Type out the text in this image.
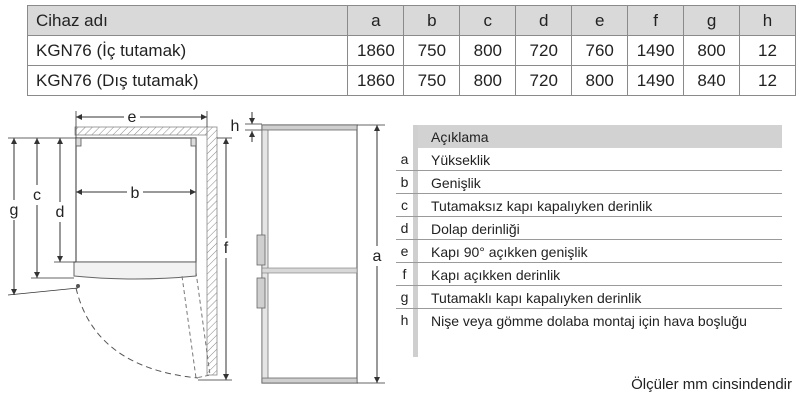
Cihaz adı	a	b	c	d	e	f	g	h
KGN76 (İç tutamak)	1860	750	800	720	760	1490	800	12
KGN76 (Dış tutamak)	1860	750	800	720	800	1490	840	12
e
b
g
c
d
f
h
a
Açıklama
a	Yükseklik
b	Genişlik
c	Tutamaksız kapı kapalıyken derinlik
d	Dolap derinliği
e	Kapı 90° açıkken genişlik
f	Kapı açıkken derinlik
g	Tutamaklı kapı kapalıyken derinlik
h	Nişe veya gömme dolaba montaj için hava boşluğu
Ölçüler mm cinsindendir
